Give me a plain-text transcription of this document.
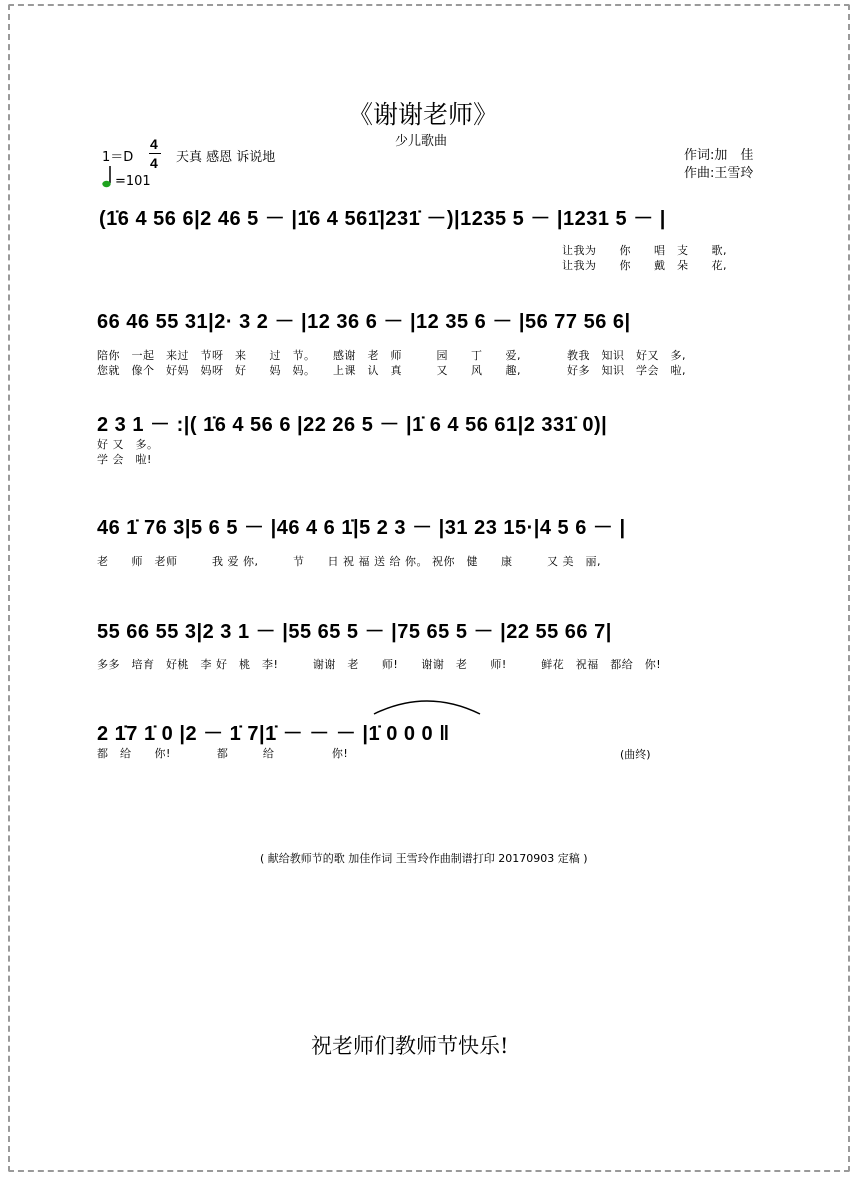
《谢谢老师》
少儿歌曲
1＝D
4
4 天真 感恩 诉说地
=101
作词:加　佳
作曲:王雪玲
(1̇6 4 56 6|2 46 5 － |1̇6 4 561̇|231̇ －)|1235 5 － |1231 5 － |
让我为　　你　　唱　支　　歌,
让我为　　你　　戴　朵　　花,
66 46 55 31|2· 3 2 － |12 36 6 － |12 35 6 － |56 77 56 6|
陪你　一起　来过　节呀　来　　过　节。　　感谢　老　师　　　园　　丁　　爱,　　　　教我　知识　好又　多,
您就　像个　好妈　妈呀　好　　妈　妈。　　上课　认　真　　　又　　风　　趣,　　　　好多　知识　学会　啦,
2 3 1 － :|( 1̇6 4 56 6 |22 26 5 － |1̇ 6 4 56 61|2 331̇ 0)|
好 又　多。
学 会　啦!
46 1̇ 76 3|5 6 5 － |46 4 6 1̇|5 2 3 － |31 23 15·|4 5 6 － |
老　　师　老师　　　我 爱 你,　　　节　　日 祝 福 送 给 你。 祝你　健　　康　　　又 美　丽,
55 66 55 3|2 3 1 － |55 65 5 － |75 65 5 － |22 55 66 7|
多多　培育　好桃　李 好　桃　李!　　　谢谢　老　　师!　　谢谢　老　　师!　　　鲜花　祝福　都给　你!
2 1̇7 1̇ 0 |2 － 1̇ 7|1̇ － － － |1̇ 0 0 0 ‖
都　给　　你!　　　　都　　　给　　　　　你!	(曲终)
( 献给教师节的歌 加佳作词 王雪玲作曲制谱打印 20170903 定稿 )
祝老师们教师节快乐!
